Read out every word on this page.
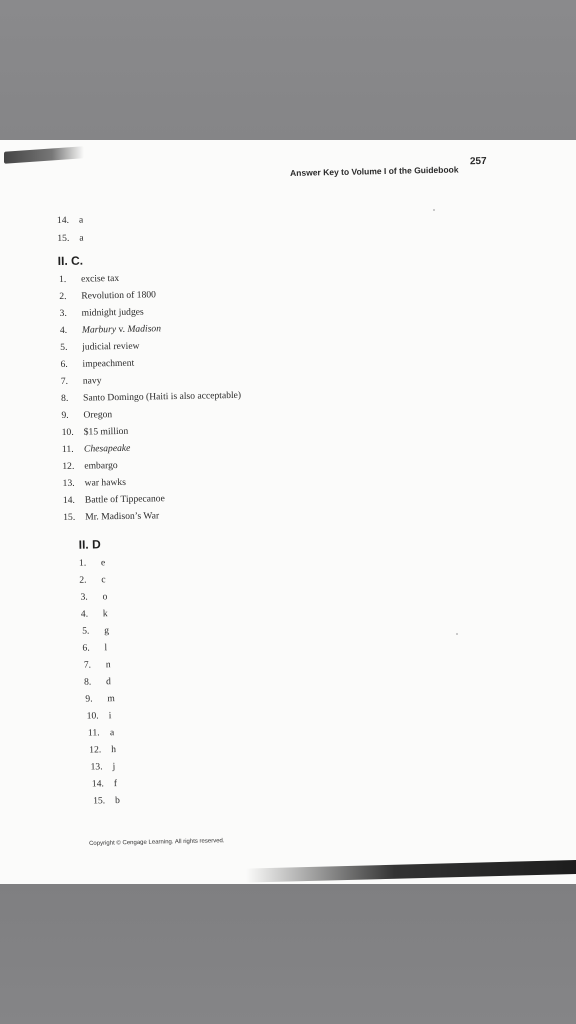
Answer Key to Volume I of the Guidebook
257
14. a
15. a
II. C.
1. excise tax
2. Revolution of 1800
3. midnight judges
4. Marbury v. Madison
5. judicial review
6. impeachment
7. navy
8. Santo Domingo (Haiti is also acceptable)
9. Oregon
10. $15 million
11. Chesapeake
12. embargo
13. war hawks
14. Battle of Tippecanoe
15. Mr. Madison’s War
II. D
1. e
2. c
3. o
4. k
5. g
6. l
7. n
8. d
9. m
10. i
11. a
12. h
13. j
14. f
15. b
Copyright © Cengage Learning. All rights reserved.
